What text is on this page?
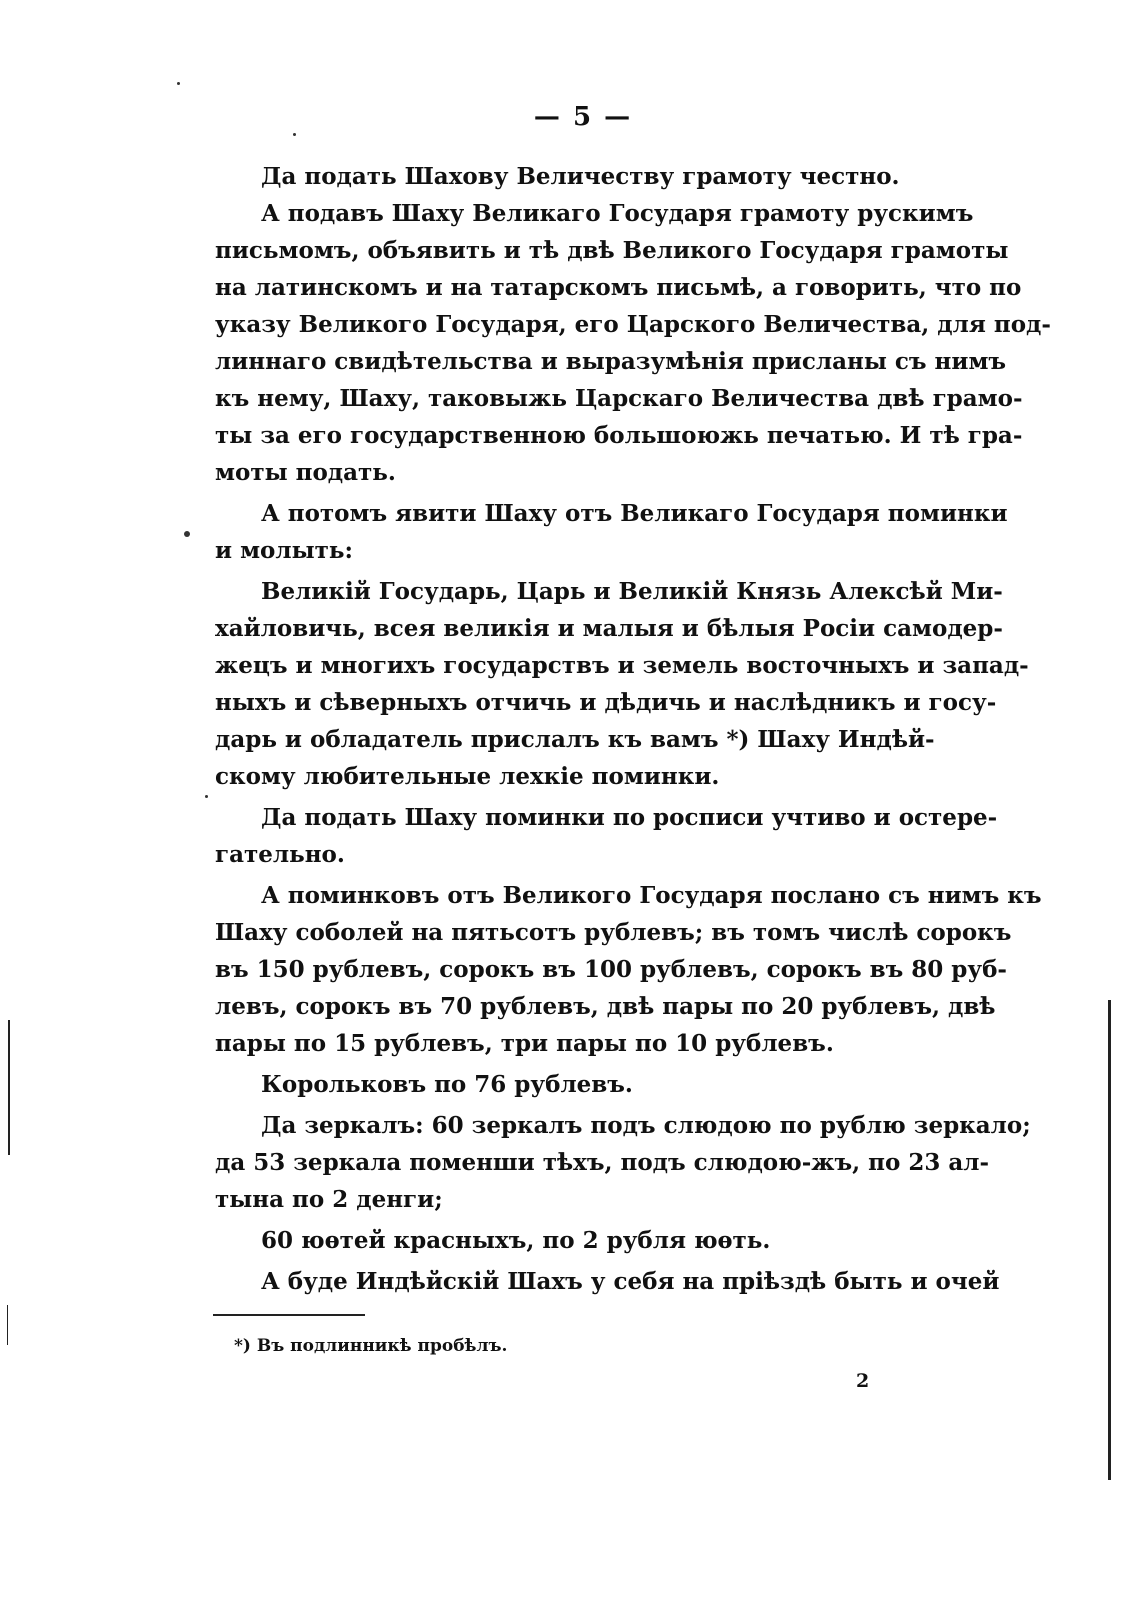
— 5 —
Да подать Шахову Величеству грамоту честно.
А подавъ Шаху Великаго Государя грамоту рускимъ
письмомъ, объявить и тѣ двѣ Великого Государя грамоты
на латинскомъ и на татарскомъ письмѣ, а говорить, что по
указу Великого Государя, его Царского Величества, для под-
линнаго свидѣтельства и выразумѣнія присланы съ нимъ
къ нему, Шаху, таковыжь Царскаго Величества двѣ грамо-
ты за его государственною большоюжь печатью. И тѣ гра-
моты подать.
А потомъ явити Шаху отъ Великаго Государя поминки
и молыть:
Великій Государь, Царь и Великій Князь Алексѣй Ми-
хайловичь, всея великія и малыя и бѣлыя Росіи самодер-
жецъ и многихъ государствъ и земель восточныхъ и запад-
ныхъ и сѣверныхъ отчичь и дѣдичь и наслѣдникъ и госу-
дарь и обладатель прислалъ къ вамъ *) Шаху Индѣй-
скому любительные лехкіе поминки.
Да подать Шаху поминки по росписи учтиво и остере-
гательно.
А поминковъ отъ Великого Государя послано съ нимъ къ
Шаху соболей на пятьсотъ рублевъ; въ томъ числѣ сорокъ
въ 150 рублевъ, сорокъ въ 100 рублевъ, сорокъ въ 80 руб-
левъ, сорокъ въ 70 рублевъ, двѣ пары по 20 рублевъ, двѣ
пары по 15 рублевъ, три пары по 10 рублевъ.
Корольковъ по 76 рублевъ.
Да зеркалъ: 60 зеркалъ подъ слюдою по рублю зеркало;
да 53 зеркала поменши тѣхъ, подъ слюдою-жъ, по 23 ал-
тына по 2 денги;
60 юѳтей красныхъ, по 2 рубля юѳть.
А буде Индѣйскій Шахъ у себя на пріѣздѣ быть и очей
*) Въ подлинникѣ пробѣлъ.
2
